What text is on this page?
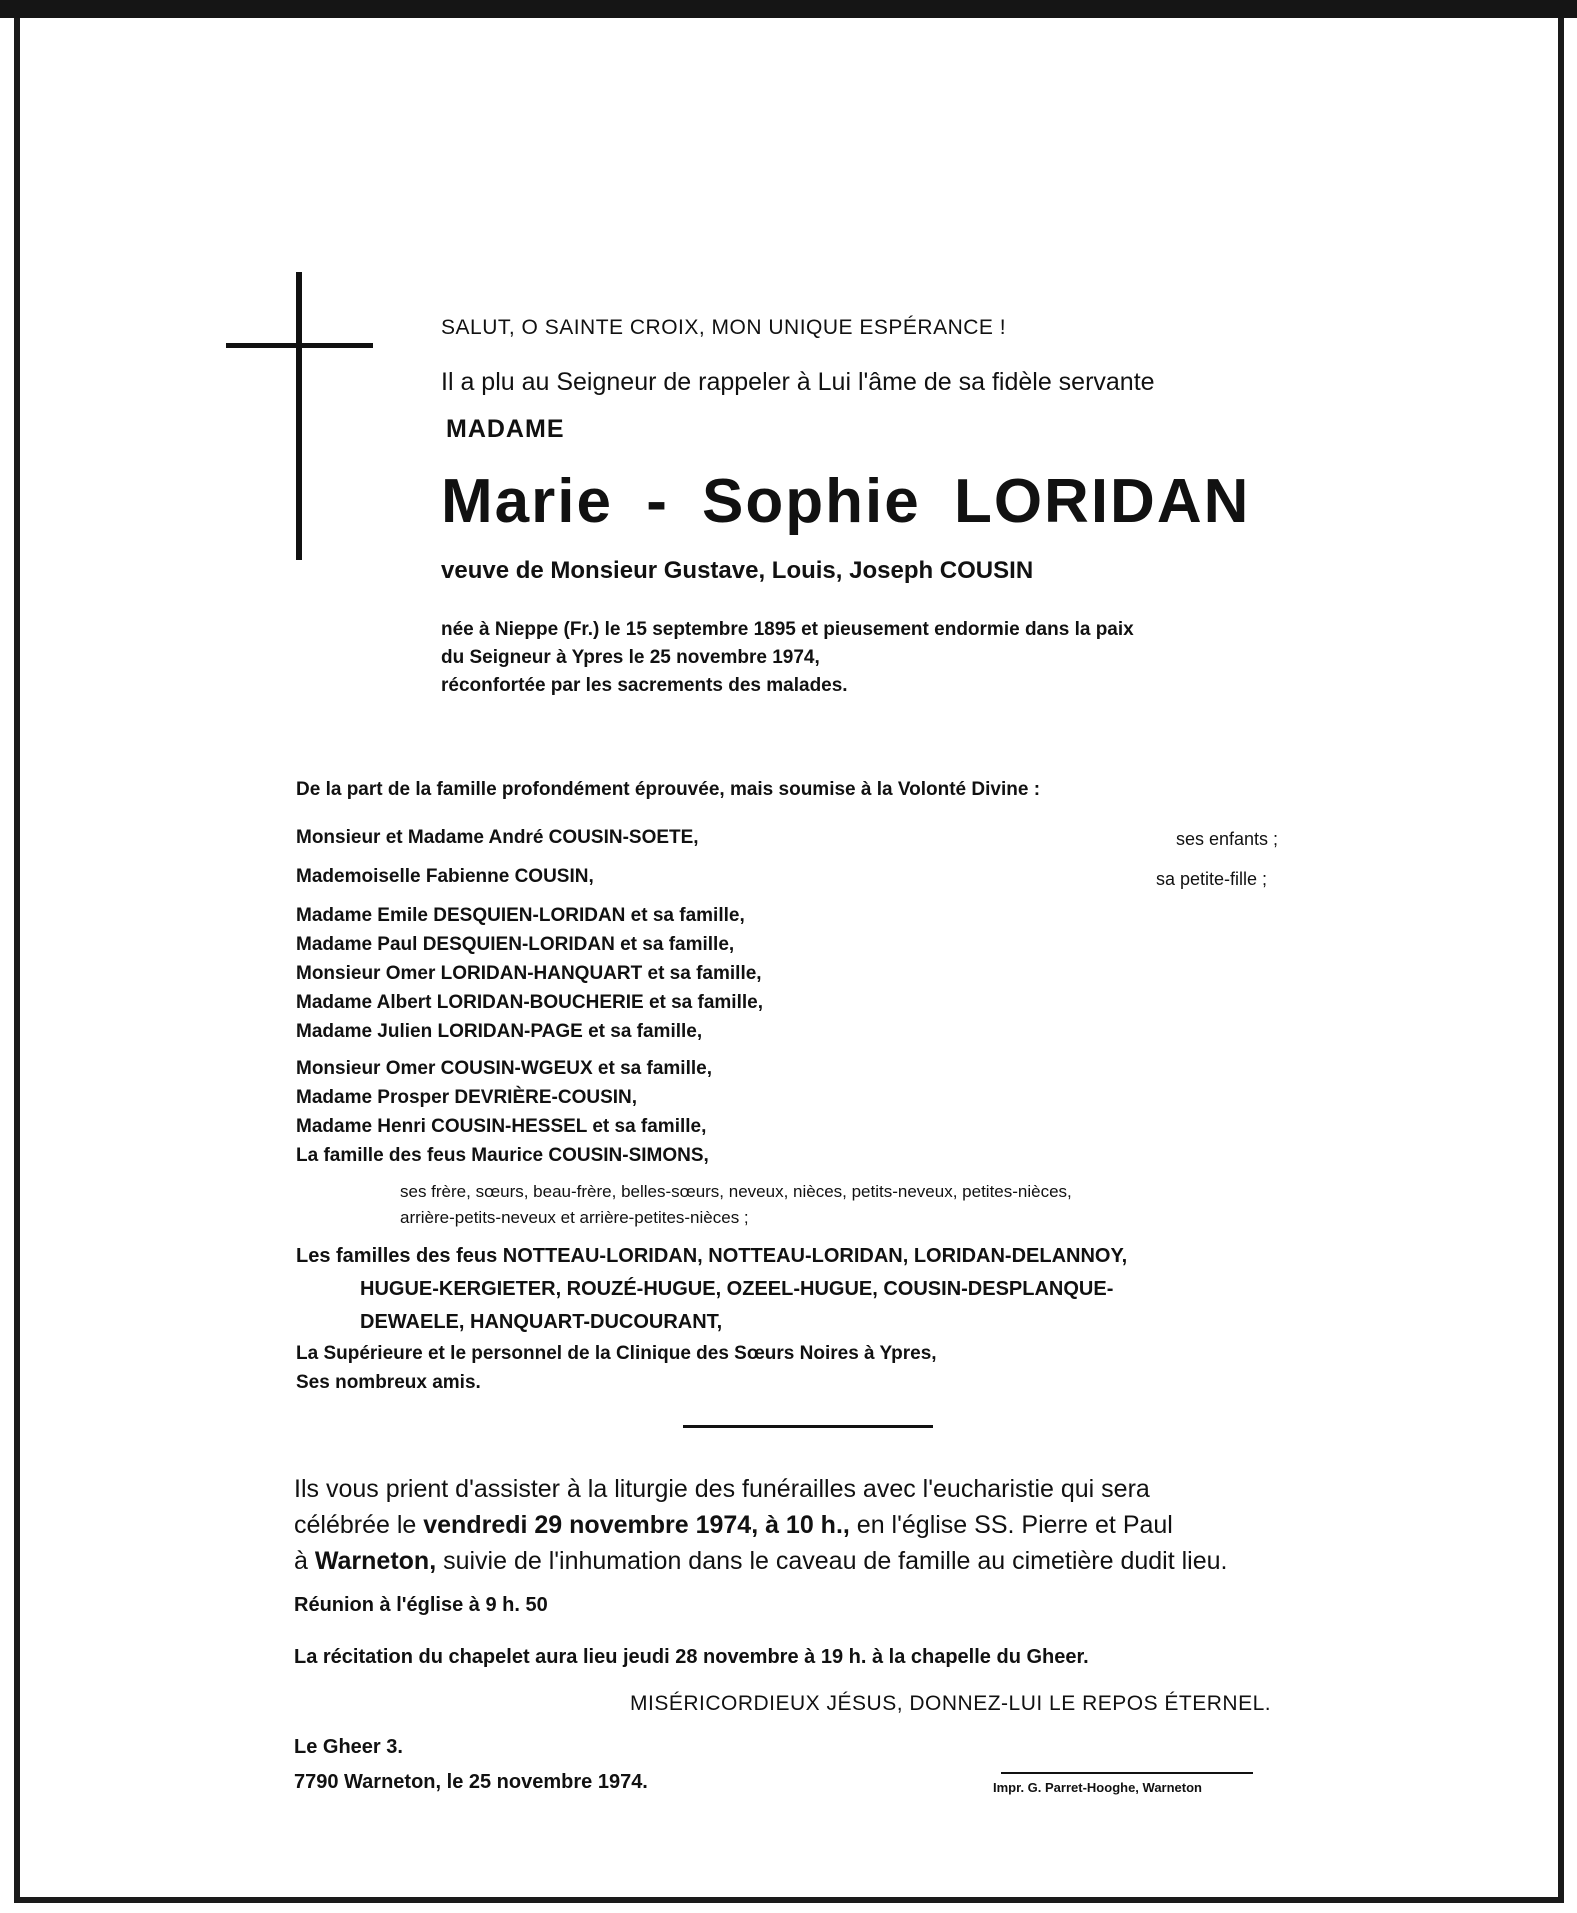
SALUT, O SAINTE CROIX, MON UNIQUE ESPÉRANCE !
Il a plu au Seigneur de rappeler à Lui l'âme de sa fidèle servante
MADAME
Marie - Sophie LORIDAN
veuve de Monsieur Gustave, Louis, Joseph COUSIN
née à Nieppe (Fr.) le 15 septembre 1895 et pieusement endormie dans la paix
du Seigneur à Ypres le 25 novembre 1974,
réconfortée par les sacrements des malades.
De la part de la famille profondément éprouvée, mais soumise à la Volonté Divine :
Monsieur et Madame André COUSIN-SOETE,	ses enfants ;
Mademoiselle Fabienne COUSIN,	sa petite-fille ;
Madame Emile DESQUIEN-LORIDAN et sa famille,
Madame Paul DESQUIEN-LORIDAN et sa famille,
Monsieur Omer LORIDAN-HANQUART et sa famille,
Madame Albert LORIDAN-BOUCHERIE et sa famille,
Madame Julien LORIDAN-PAGE et sa famille,
Monsieur Omer COUSIN-WGEUX et sa famille,
Madame Prosper DEVRIÈRE-COUSIN,
Madame Henri COUSIN-HESSEL et sa famille,
La famille des feus Maurice COUSIN-SIMONS,
ses frère, sœurs, beau-frère, belles-sœurs, neveux, nièces, petits-neveux, petites-nièces,
arrière-petits-neveux et arrière-petites-nièces ;
Les familles des feus NOTTEAU-LORIDAN, NOTTEAU-LORIDAN, LORIDAN-DELANNOY,
HUGUE-KERGIETER, ROUZÉ-HUGUE, OZEEL-HUGUE, COUSIN-DESPLANQUE-
DEWAELE, HANQUART-DUCOURANT,
La Supérieure et le personnel de la Clinique des Sœurs Noires à Ypres,
Ses nombreux amis.
Ils vous prient d'assister à la liturgie des funérailles avec l'eucharistie qui sera
célébrée le vendredi 29 novembre 1974, à 10 h., en l'église SS. Pierre et Paul
à Warneton, suivie de l'inhumation dans le caveau de famille au cimetière dudit lieu.
Réunion à l'église à 9 h. 50
La récitation du chapelet aura lieu jeudi 28 novembre à 19 h. à la chapelle du Gheer.
MISÉRICORDIEUX JÉSUS, DONNEZ-LUI LE REPOS ÉTERNEL.
Le Gheer 3.
7790 Warneton, le 25 novembre 1974.	Impr. G. Parret-Hooghe, Warneton
